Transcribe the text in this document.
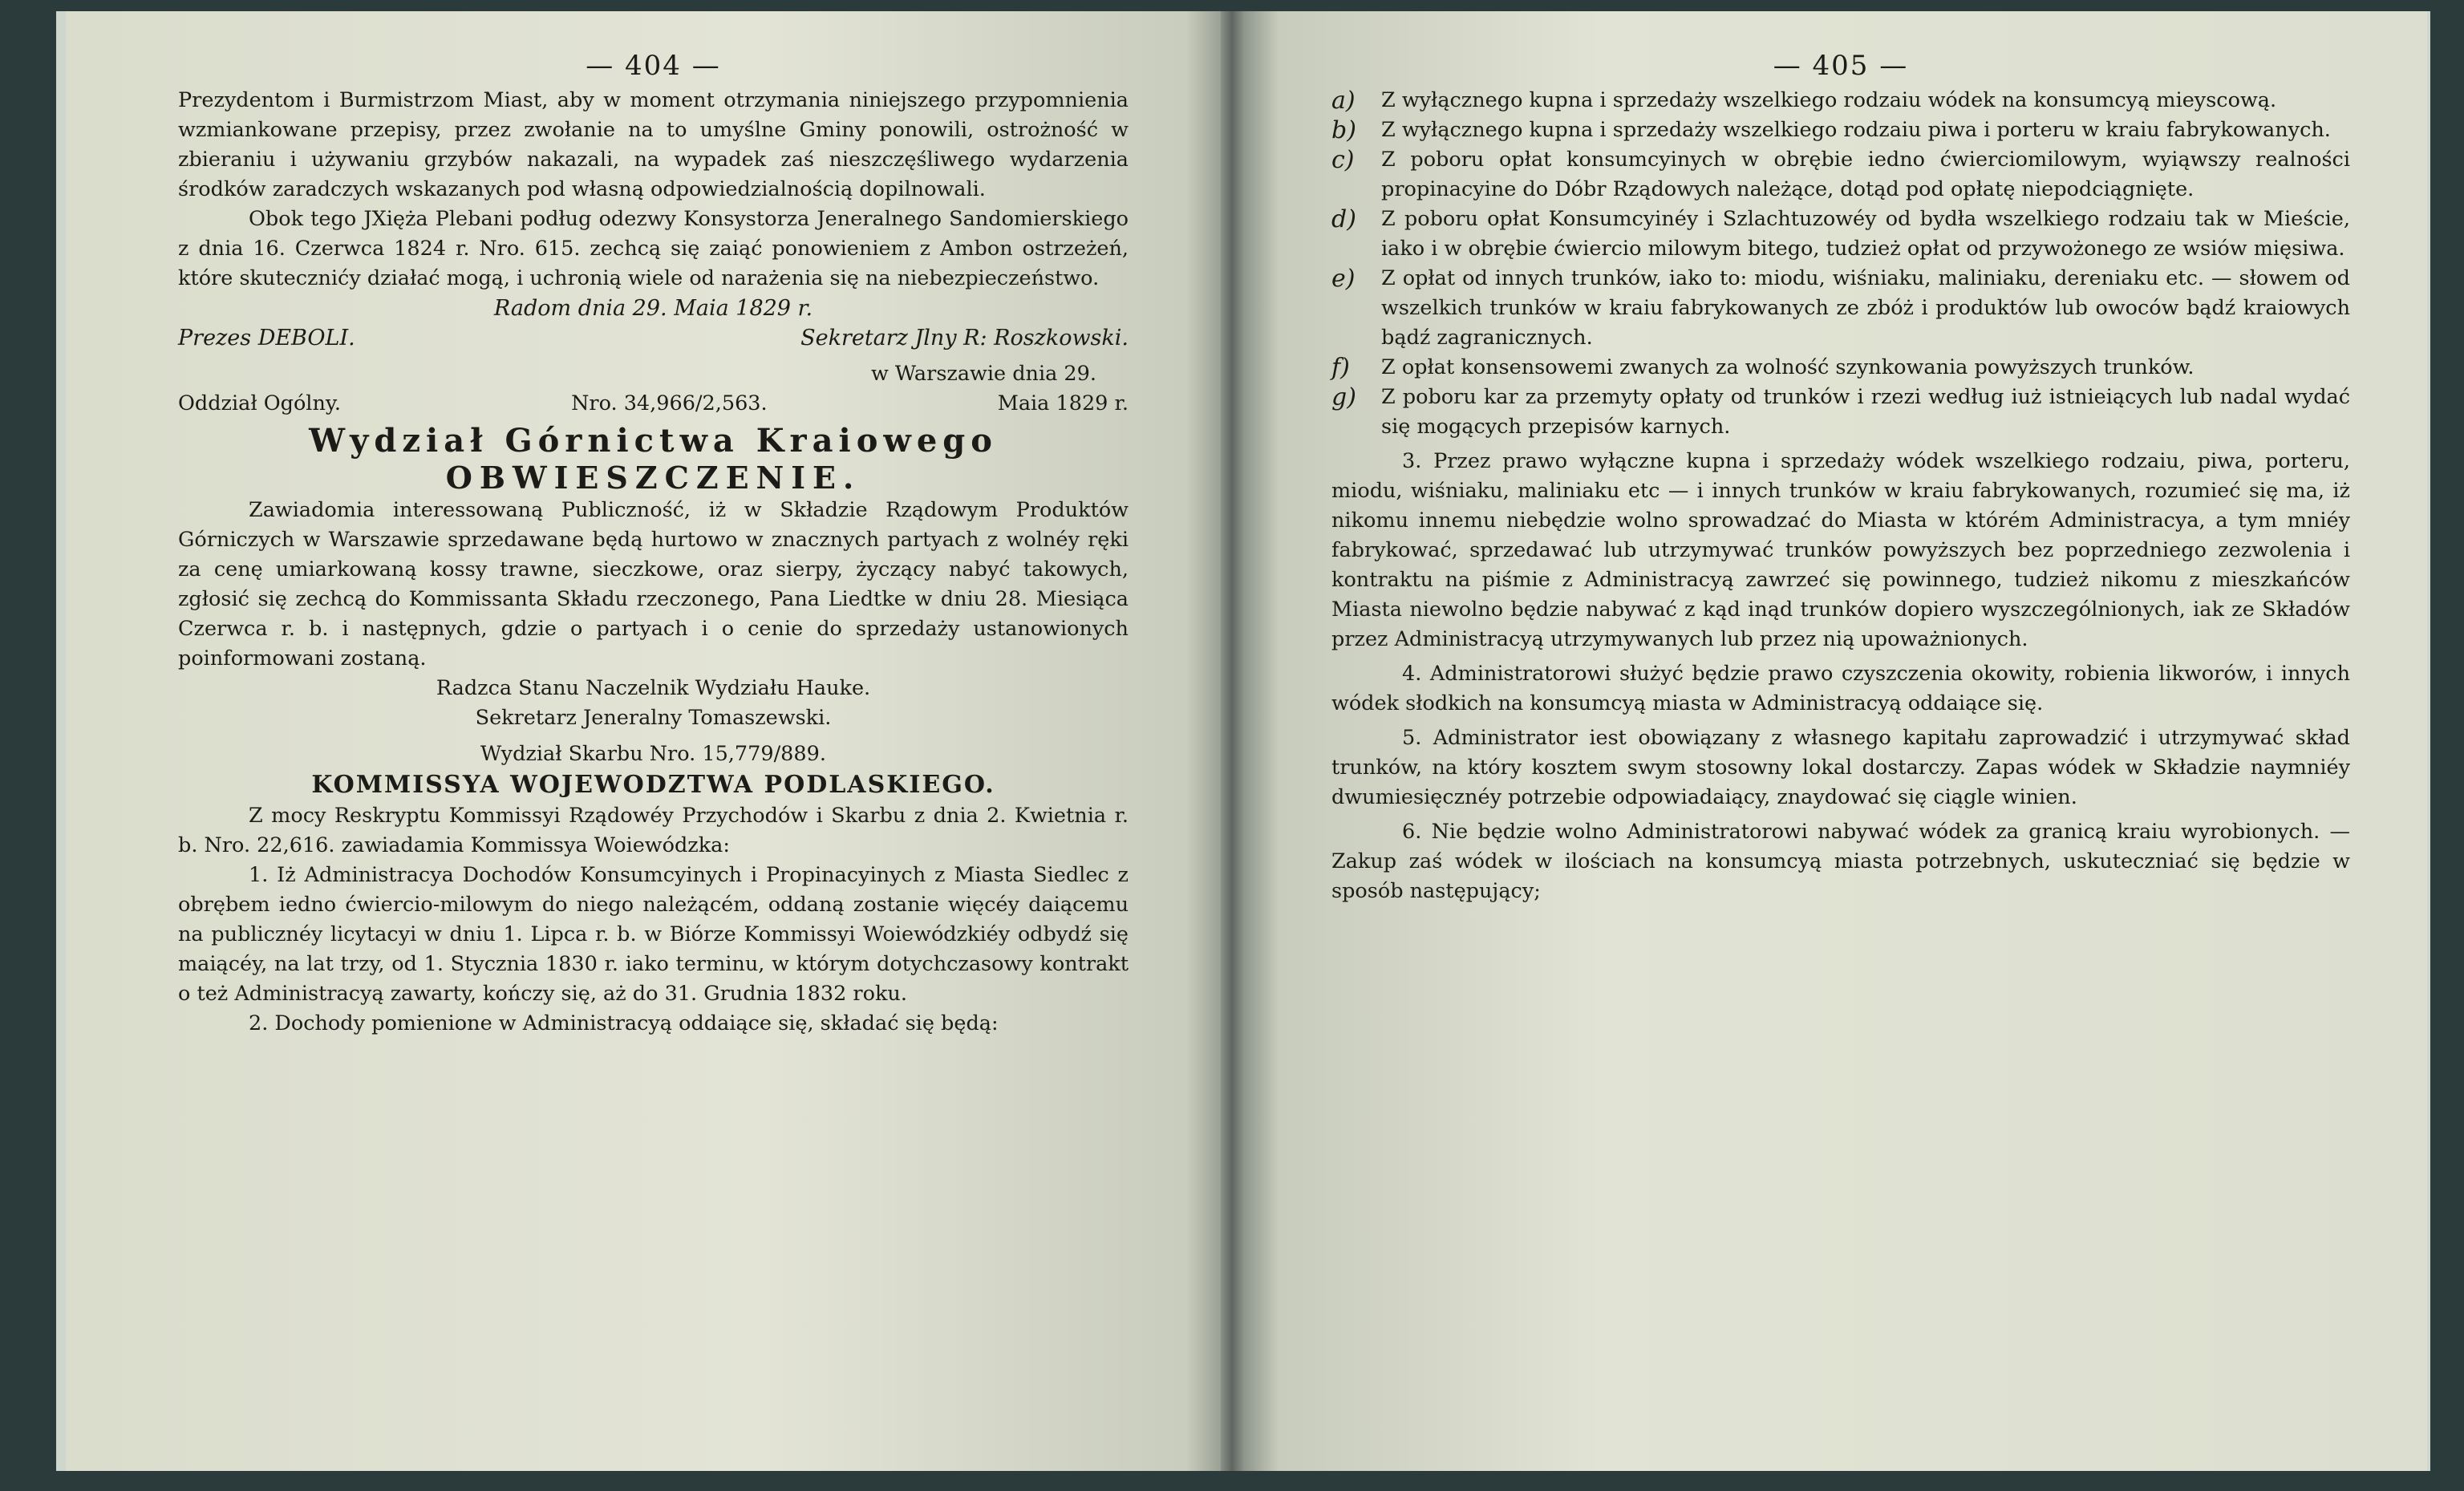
— 404 —

Prezydentom i Burmistrzom Miast, aby w moment otrzymania niniejszego przypomnienia wzmiankowane przepisy, przez zwołanie na to umyślne Gminy ponowili, ostrożność w zbieraniu i używaniu grzybów nakazali, na wypadek zaś nieszczęśliwego wydarzenia środków zaradczych wskazanych pod własną odpowiedzialnością dopilnowali.

Obok tego JXięża Plebani podług odezwy Konsystorza Jeneralnego Sandomierskiego z dnia 16. Czerwca 1824 r. Nro. 615. zechcą się zaiąć ponowieniem z Ambon ostrzeżeń, które skutecznićy działać mogą, i uchronią wiele od narażenia się na niebezpieczeństwo.

Radom dnia 29. Maia 1829 r.

Prezes DEBOLI.	Sekretarz Jlny R: Roszkowski.

w Warszawie dnia 29.

Oddział Ogólny.	Nro. 34,966/2,563.	Maia 1829 r.
Wydział Górnictwa Kraiowego
OBWIESZCZENIE.

Zawiadomia interessowaną Publiczność, iż w Składzie Rządowym Produktów Górniczych w Warszawie sprzedawane będą hurtowo w znacznych partyach z wolnéy ręki za cenę umiarkowaną kossy trawne, sieczkowe, oraz sierpy, życzący nabyć takowych, zgłosić się zechcą do Kommissanta Składu rzeczonego, Pana Liedtke w dniu 28. Miesiąca Czerwca r. b. i następnych, gdzie o partyach i o cenie do sprzedaży ustanowionych poinformowani zostaną.

Radzca Stanu Naczelnik Wydziału Hauke.

Sekretarz Jeneralny Tomaszewski.

Wydział Skarbu Nro. 15,779/889.

KOMMISSYA WOJEWODZTWA PODLASKIEGO.

Z mocy Reskryptu Kommissyi Rządowéy Przychodów i Skarbu z dnia 2. Kwietnia r. b. Nro. 22,616. zawiadamia Kommissya Woiewódzka:

1. Iż Administracya Dochodów Konsumcyinych i Propinacyinych z Miasta Siedlec z obrębem iedno ćwiercio-milowym do niego należącém, oddaną zostanie więcéy daiącemu na publicznéy licytacyi w dniu 1. Lipca r. b. w Biórze Kommissyi Woiewódzkiéy odbydź się maiącéy, na lat trzy, od 1. Stycznia 1830 r. iako terminu, w którym dotychczasowy kontrakt o też Administracyą zawarty, kończy się, aż do 31. Grudnia 1832 roku.

2. Dochody pomienione w Administracyą oddaiące się, składać się będą:

— 405 —
a)	Z wyłącznego kupna i sprzedaży wszelkiego rodzaiu wódek na konsumcyą mieyscową.
b)	Z wyłącznego kupna i sprzedaży wszelkiego rodzaiu piwa i porteru w kraiu fabrykowanych.
c)	Z poboru opłat konsumcyinych w obrębie iedno ćwierciomilowym, wyiąwszy realności propinacyine do Dóbr Rządowych należące, dotąd pod opłatę niepodciągnięte.
d)	Z poboru opłat Konsumcyinéy i Szlachtuzowéy od bydła wszelkiego rodzaiu tak w Mieście, iako i w obrębie ćwiercio milowym bitego, tudzież opłat od przywożonego ze wsiów mięsiwa.
e)	Z opłat od innych trunków, iako to: miodu, wiśniaku, maliniaku, dereniaku etc. — słowem od wszelkich trunków w kraiu fabrykowanych ze zbóż i produktów lub owoców bądź kraiowych bądź zagranicznych.
f)	Z opłat konsensowemi zwanych za wolność szynkowania powyższych trunków.
g)	Z poboru kar za przemyty opłaty od trunków i rzezi według iuż istnieiących lub nadal wydać się mogących przepisów karnych.

3. Przez prawo wyłączne kupna i sprzedaży wódek wszelkiego rodzaiu, piwa, porteru, miodu, wiśniaku, maliniaku etc — i innych trunków w kraiu fabrykowanych, rozumieć się ma, iż nikomu innemu niebędzie wolno sprowadzać do Miasta w którém Administracya, a tym mniéy fabrykować, sprzedawać lub utrzymywać trunków powyższych bez poprzedniego zezwolenia i kontraktu na piśmie z Administracyą zawrzeć się powinnego, tudzież nikomu z mieszkańców Miasta niewolno będzie nabywać z kąd inąd trunków dopiero wyszczególnionych, iak ze Składów przez Administracyą utrzymywanych lub przez nią upoważnionych.

4. Administratorowi służyć będzie prawo czyszczenia okowity, robienia likworów, i innych wódek słodkich na konsumcyą miasta w Administracyą oddaiące się.

5. Administrator iest obowiązany z własnego kapitału zaprowadzić i utrzymywać skład trunków, na który kosztem swym stosowny lokal dostarczy. Zapas wódek w Składzie naymniéy dwumiesięcznéy potrzebie odpowiadaiący, znaydować się ciągle winien.

6. Nie będzie wolno Administratorowi nabywać wódek za granicą kraiu wyrobionych. — Zakup zaś wódek w ilościach na konsumcyą miasta potrzebnych, uskuteczniać się będzie w sposób następujący;
